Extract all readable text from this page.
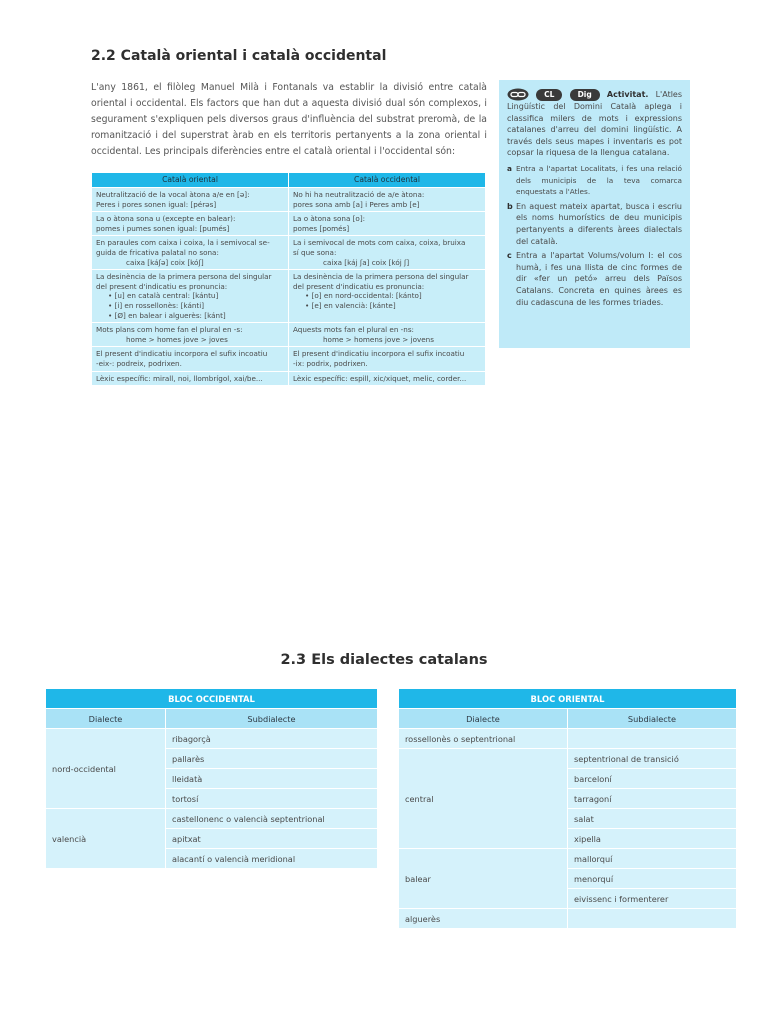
2.2 Català oriental i català occidental

L'any 1861, el filòleg Manuel Milà i Fontanals va establir la divisió entre català oriental i occidental. Els factors que han dut a aquesta divisió dual són complexos, i segurament s'expliquen pels diversos graus d'influència del substrat preromà, de la romanització i del superstrat àrab en els territoris pertanyents a la zona oriental i occidental. Les principals diferències entre el català oriental i l'occidental són:

Català oriental	Català occidental

Neutralització de la vocal àtona a/e en [ə]:
Peres i pores sonen igual: [pérəs]	No hi ha neutralització de a/e àtona:
pores sona amb [a] i Peres amb [e]

La o àtona sona u (excepte en balear):
pomes i pumes sonen igual: [pumés]	La o àtona sona [o]:
pomes [pomés]

En paraules com caixa i coixa, la i semivocal se-
guida de fricativa palatal no sona:
caixa [káʃə] coix [kóʃ]	La i semivocal de mots com caixa, coixa, bruixa
sí que sona:
caixa [káj ʃa] coix [kój ʃ]

La desinència de la primera persona del singular
del present d'indicatiu es pronuncia:
• [u] en català central: [kántu]
• [i] en rossellonès: [kánti]
• [Ø] en balear i alguerès: [kánt]	La desinència de la primera persona del singular
del present d'indicatiu es pronuncia:
• [o] en nord-occidental: [kánto]
• [e] en valencià: [kánte]

Mots plans com home fan el plural en -s:
home > homes jove > joves	Aquests mots fan el plural en -ns:
home > homens jove > jovens

El present d'indicatiu incorpora el sufix incoatiu
-eix-: podreix, podrixen.	El present d'indicatiu incorpora el sufix incoatiu
-ix: podrix, podrixen.

Lèxic específic: mirall, noi, llombrígol, xai/be...	Lèxic específic: espill, xic/xiquet, melic, corder...
CL	Dig Activitat. L'Atles Lingüístic del Domini Català aplega i classifica milers de mots i expressions catalanes d'arreu del domini lingüístic. A través dels seus mapes i inventaris es pot copsar la riquesa de la llengua catalana.
a Entra a l'apartat Localitats, i fes una relació dels municipis de la teva comarca enquestats a l'Atles.
b En aquest mateix apartat, busca i escriu els noms humorístics de deu municipis pertanyents a diferents àrees dialectals del català.
c Entra a l'apartat Volums/volum I: el cos humà, i fes una llista de cinc formes de dir «fer un petó» arreu dels Països Catalans. Concreta en quines àrees es diu cadascuna de les formes triades.
2.3 Els dialectes catalans
BLOC OCCIDENTAL	
Dialecte	Subdialecte
nord-occidental	ribagorçà
	pallarès
	lleidatà
	tortosí
valencià	castellonenc o valencià septentrional
	apitxat
	alacantí o valencià meridional
BLOC ORIENTAL	
Dialecte	Subdialecte
rossellonès o septentrional	
central	septentrional de transició
	barceloní
	tarragoní
	salat
	xipella
balear	mallorquí
	menorquí
	eivissenc i formenterer
alguerès	
